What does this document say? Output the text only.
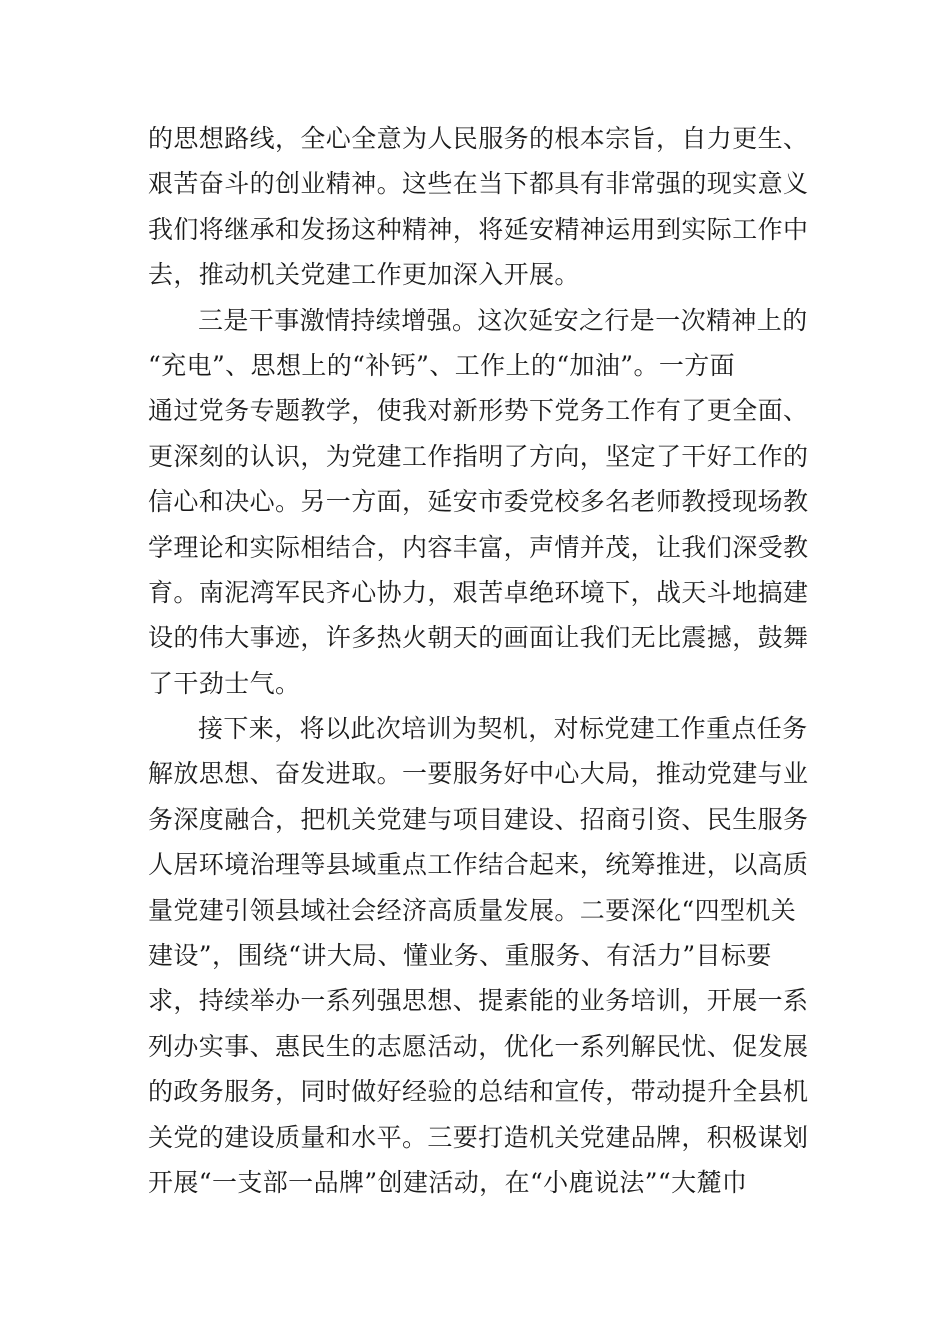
的思想路线，全心全意为人民服务的根本宗旨，自力更生、
艰苦奋斗的创业精神。这些在当下都具有非常强的现实意义
我们将继承和发扬这种精神，将延安精神运用到实际工作中
去，推动机关党建工作更加深入开展。
三是干事激情持续增强。这次延安之行是一次精神上的
“充电”、思想上的“补钙”、工作上的“加油”。一方面
通过党务专题教学，使我对新形势下党务工作有了更全面、
更深刻的认识，为党建工作指明了方向，坚定了干好工作的
信心和决心。另一方面，延安市委党校多名老师教授现场教
学理论和实际相结合，内容丰富，声情并茂，让我们深受教
育。南泥湾军民齐心协力，艰苦卓绝环境下，战天斗地搞建
设的伟大事迹，许多热火朝天的画面让我们无比震撼，鼓舞
了干劲士气。
接下来，将以此次培训为契机，对标党建工作重点任务
解放思想、奋发进取。一要服务好中心大局，推动党建与业
务深度融合，把机关党建与项目建设、招商引资、民生服务
人居环境治理等县域重点工作结合起来，统筹推进，以高质
量党建引领县域社会经济高质量发展。二要深化“四型机关
建设”，围绕“讲大局、懂业务、重服务、有活力”目标要
求，持续举办一系列强思想、提素能的业务培训，开展一系
列办实事、惠民生的志愿活动，优化一系列解民忧、促发展
的政务服务，同时做好经验的总结和宣传，带动提升全县机
关党的建设质量和水平。三要打造机关党建品牌，积极谋划
开展“一支部一品牌”创建活动，在“小鹿说法”“大麓巾
